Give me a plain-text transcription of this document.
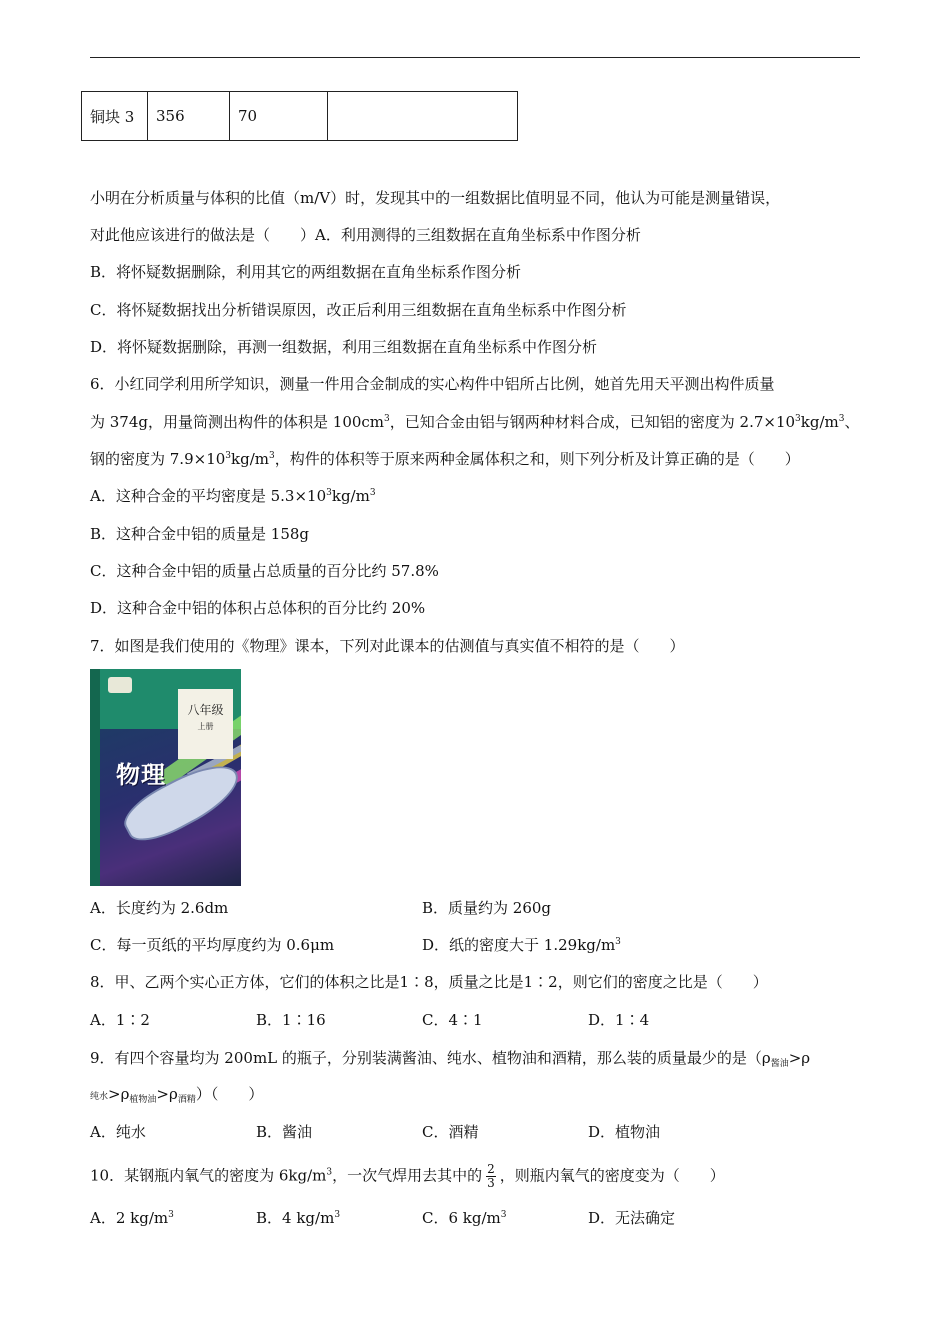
铜块 3	356	70	
小明在分析质量与体积的比值（m/V）时，发现其中的一组数据比值明显不同，他认为可能是测量错误，
对此他应该进行的做法是（　　）A．利用测得的三组数据在直角坐标系中作图分析
B．将怀疑数据删除，利用其它的两组数据在直角坐标系作图分析
C．将怀疑数据找出分析错误原因，改正后利用三组数据在直角坐标系中作图分析
D．将怀疑数据删除，再测一组数据，利用三组数据在直角坐标系中作图分析
6．小红同学利用所学知识，测量一件用合金制成的实心构件中铝所占比例，她首先用天平测出构件质量
为 374g，用量筒测出构件的体积是 $100cm^3$，已知合金由铝与钢两种材料合成，已知铝的密度为 $2.7\times 10^3kg/m^3$、
钢的密度为 $7.9\times 10^3kg/m^3$，构件的体积等于原来两种金属体积之和，则下列分析及计算正确的是（　　）
A．这种合金的平均密度是 $5.3\times 10^3kg/m^3$
B．这种合金中铝的质量是 158g
C．这种合金中铝的质量占总质量的百分比约 57.8%
D．这种合金中铝的体积占总体积的百分比约 20%
7．如图是我们使用的《物理》课本，下列对此课本的估测值与真实值不相符的是（　　）
八年级
上册
物理
A．长度约为 2.6dm	B．质量约为 260g
C．每一页纸的平均厚度约为 0.6μm	D．纸的密度大于 $1.29kg/m^3$
8．甲、乙两个实心正方体，它们的体积之比是1∶8，质量之比是1∶2，则它们的密度之比是（　　）
A．1∶2	B．1∶16	C．4∶1	D．1∶4
9．有四个容量均为 200mL 的瓶子，分别装满酱油、纯水、植物油和酒精，那么装的质量最少的是（$\rho_{酱油}>\rho$
纯水$>\rho_{植物油}>\rho_{酒精}$）（　　）
A．纯水	B．酱油	C．酒精	D．植物油
10．某钢瓶内氧气的密度为 $6kg/m^3$，一次气焊用去其中的 $\frac{2}{3}$ ，则瓶内氧气的密度变为（　　）
A．2 $kg/m^3$	B．4 $kg/m^3$	C．6 $kg/m^3$	D．无法确定
